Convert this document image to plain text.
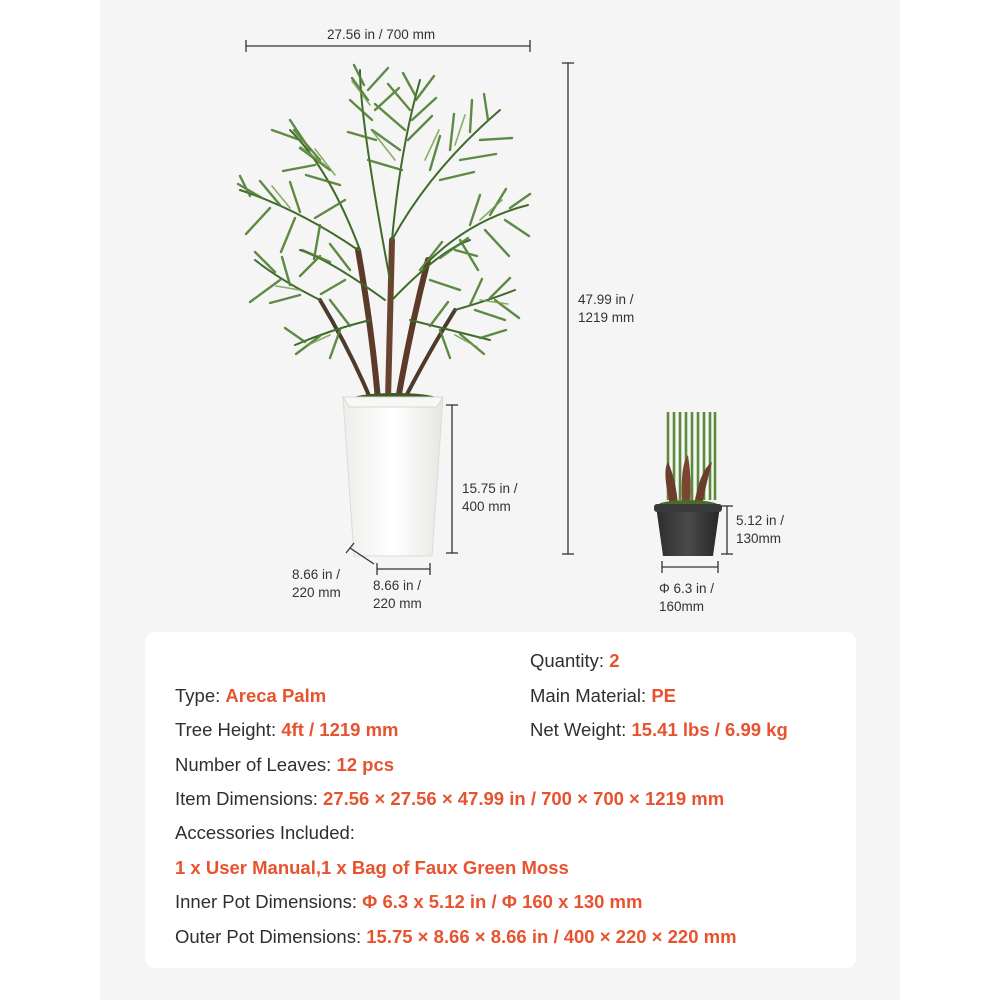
27.56 in / 700 mm
47.99 in /
1219 mm
15.75 in /
400 mm
8.66 in /
220 mm 8.66 in /
220 mm
5.12 in /
130mm
Φ 6.3 in /
160mm
Quantity: 2
Type: Areca Palm	Main Material: PE
Tree Height: 4ft / 1219 mm	Net Weight: 15.41 lbs / 6.99 kg
Number of Leaves: 12 pcs
Item Dimensions: 27.56 × 27.56 × 47.99 in / 700 × 700 × 1219 mm
Accessories Included:
1 x User Manual,1 x Bag of Faux Green Moss
Inner Pot Dimensions: Φ 6.3 x 5.12 in / Φ 160 x 130 mm
Outer Pot Dimensions: 15.75 × 8.66 × 8.66 in / 400 × 220 × 220 mm
